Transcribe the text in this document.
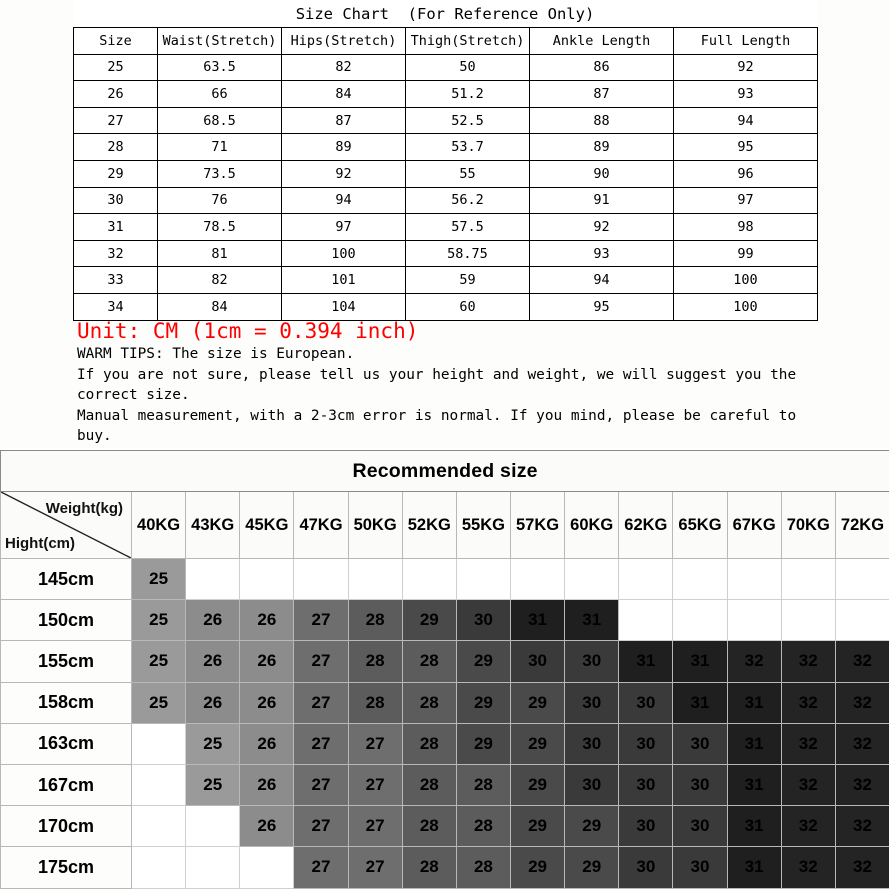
Size Chart  (For Reference Only)
Size	Waist(Stretch)	Hips(Stretch)	Thigh(Stretch)	Ankle Length	Full Length
25	63.5	82	50	86	92
26	66	84	51.2	87	93
27	68.5	87	52.5	88	94
28	71	89	53.7	89	95
29	73.5	92	55	90	96
30	76	94	56.2	91	97
31	78.5	97	57.5	92	98
32	81	100	58.75	93	99
33	82	101	59	94	100
34	84	104	60	95	100
Unit: CM (1cm = 0.394 inch)
WARM TIPS: The size is European.
If you are not sure, please tell us your height and weight, we will suggest you the correct size.
Manual measurement, with a 2-3cm error is normal. If you mind, please be careful to buy.
Recommended size														

Weight(kg)
Hight(cm)	40KG	43KG	45KG	47KG	50KG	52KG	55KG	57KG	60KG	62KG	65KG	67KG	70KG	72KG
145cm	25													
150cm	25	26	26	27	28	29	30	31	31					
155cm	25	26	26	27	28	28	29	30	30	31	31	32	32	32
158cm	25	26	26	27	28	28	29	29	30	30	31	31	32	32
163cm		25	26	27	27	28	29	29	30	30	30	31	32	32
167cm		25	26	27	27	28	28	29	30	30	30	31	32	32
170cm			26	27	27	28	28	29	29	30	30	31	32	32
175cm				27	27	28	28	29	29	30	30	31	32	32
